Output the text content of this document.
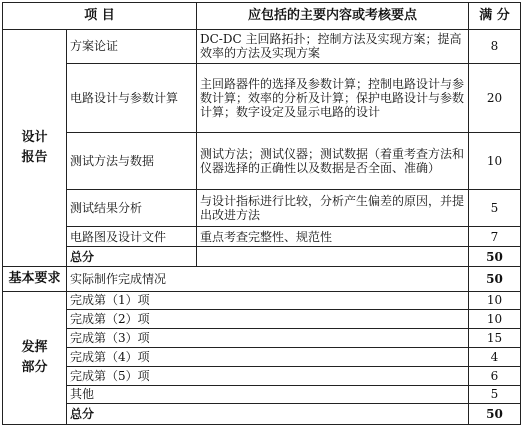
项 目		应包括的主要内容或考核要点	满 分

设计
报告	方案论证	DC-DC 主回路拓扑；控制方法及实现方案；提高效率的方法及实现方案	8
	电路设计与参数计算	主回路器件的选择及参数计算；控制电路设计与参数计算；效率的分析及计算；保护电路设计与参数计算；数字设定及显示电路的设计	20
	测试方法与数据	测试方法；测试仪器；测试数据（着重考查方法和仪器选择的正确性以及数据是否全面、准确）	10
	测试结果分析	与设计指标进行比较，分析产生偏差的原因，并提出改进方法	5
	电路图及设计文件	重点考查完整性、规范性	7
	总分		50
基本要求	实际制作完成情况		50

发挥
部分	完成第（1）项		10
	完成第（2）项		10
	完成第（3）项		15
	完成第（4）项		4
	完成第（5）项		6
	其他		5
	总分		50
